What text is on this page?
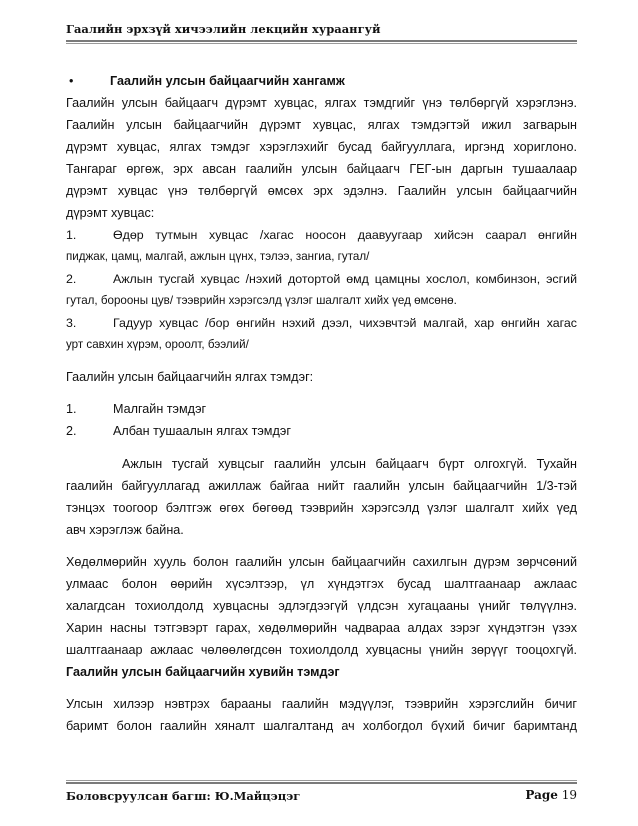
Гаалийн эрхзүй хичээлийн лекцийн хураангуй
•	Гаалийн улсын байцаагчийн хангамж
Гаалийн улсын байцаагч дүрэмт хувцас, ялгах тэмдгийг үнэ төлбөргүй хэрэглэнэ.
Гаалийн улсын байцаагчийн дүрэмт хувцас, ялгах тэмдэгтэй ижил загварын
дүрэмт хувцас, ялгах тэмдэг хэрэглэхийг бусад байгууллага, иргэнд хориглоно.
Тангараг өргөж, эрх авсан гаалийн улсын байцаагч ГЕГ-ын даргын тушаалаар
дүрэмт хувцас үнэ төлбөргүй өмсөх эрх эдэлнэ. Гаалийн улсын байцаагчийн
дүрэмт хувцас:
1.	Өдөр тутмын хувцас /хагас ноосон даавуугаар хийсэн саарал өнгийн
пиджак, цамц, малгай, ажлын цүнх, тэлээ, зангиа, гутал/
2.	Ажлын тусгай хувцас /нэхий дотортой өмд цамцны хослол, комбинзон, эсгий
гутал, борооны цув/ тээврийн хэрэгсэлд үзлэг шалгалт хийх үед өмсөнө.
3.	Гадуур хувцас /бор өнгийн нэхий дээл, чихэвчтэй малгай, хар өнгийн хагас
урт савхин хүрэм, ороолт, бээлий/
Гаалийн улсын байцаагчийн ялгах тэмдэг:
1.	Малгайн тэмдэг
2.	Албан тушаалын ялгах тэмдэг
Ажлын тусгай хувцсыг гаалийн улсын байцаагч бүрт олгохгүй. Тухайн
гаалийн байгууллагад ажиллаж байгаа нийт гаалийн улсын байцаагчийн 1/3-тэй
тэнцэх тоогоор бэлтгэж өгөх бөгөөд тээврийн хэрэгсэлд үзлэг шалгалт хийх үед
авч хэрэглэж байна.
Хөдөлмөрийн хууль болон гаалийн улсын байцаагчийн сахилгын дүрэм зөрчсөний
улмаас болон өөрийн хүсэлтээр, үл хүндэтгэх бусад шалтгаанаар ажлаас
халагдсан тохиолдолд хувцасны эдлэгдээгүй үлдсэн хугацааны үнийг төлүүлнэ.
Харин насны тэтгэвэрт гарах, хөдөлмөрийн чадвараа алдах зэрэг хүндэтгэн үзэх
шалтгаанаар ажлаас чөлөөлөгдсөн тохиолдолд хувцасны үнийн зөрүүг тооцохгүй.
Гаалийн улсын байцаагчийн хувийн тэмдэг
Улсын хилээр нэвтрэх барааны гаалийн мэдүүлэг, тээврийн хэрэгслийн бичиг
баримт болон гаалийн хяналт шалгалтанд ач холбогдол бүхий бичиг баримтанд
Боловсруулсан багш: Ю.Майцэцэг	Page 19
